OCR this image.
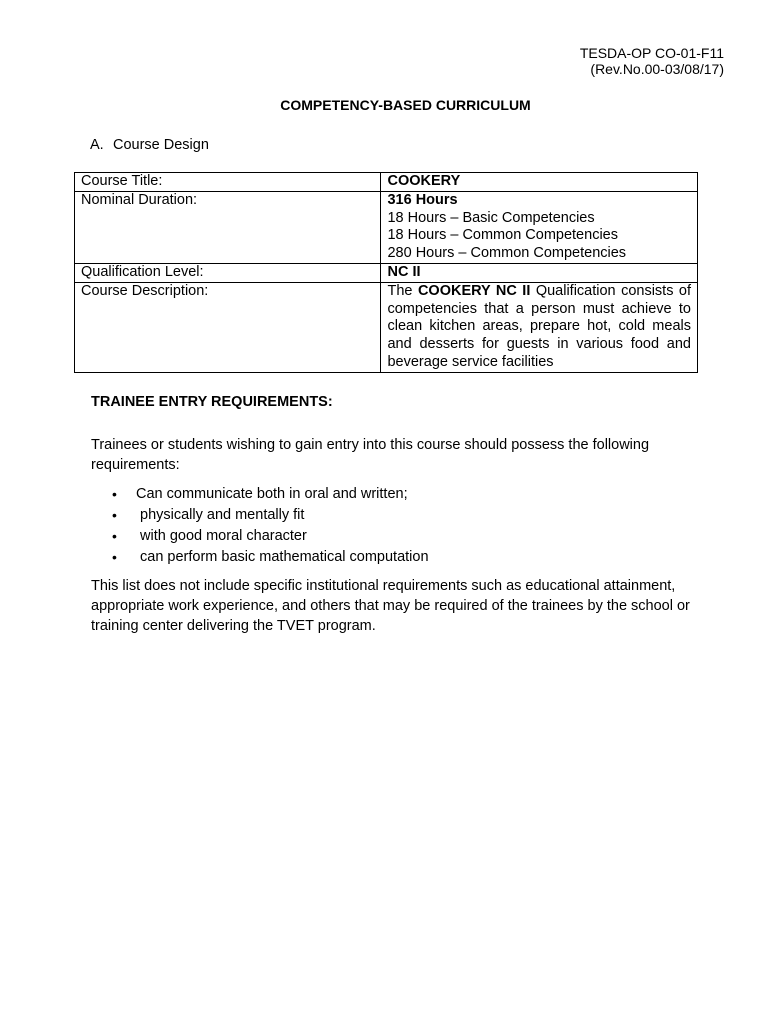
TESDA-OP CO-01-F11
(Rev.No.00-03/08/17)
COMPETENCY-BASED CURRICULUM
A. Course Design
Course Title:	COOKERY
Nominal Duration:	316 Hours
18 Hours – Basic Competencies
18 Hours – Common Competencies
280 Hours – Common Competencies

Qualification Level:	NC II
Course Description:	The COOKERY NC II Qualification consists of competencies that a person must achieve to clean kitchen areas, prepare hot, cold meals and desserts for guests in various food and beverage service facilities
TRAINEE ENTRY REQUIREMENTS:
Trainees or students wishing to gain entry into this course should possess the following requirements:
• Can communicate both in oral and written;
• physically and mentally fit
• with good moral character
• can perform basic mathematical computation
This list does not include specific institutional requirements such as educational attainment, appropriate work experience, and others that may be required of the trainees by the school or training center delivering the TVET program.
